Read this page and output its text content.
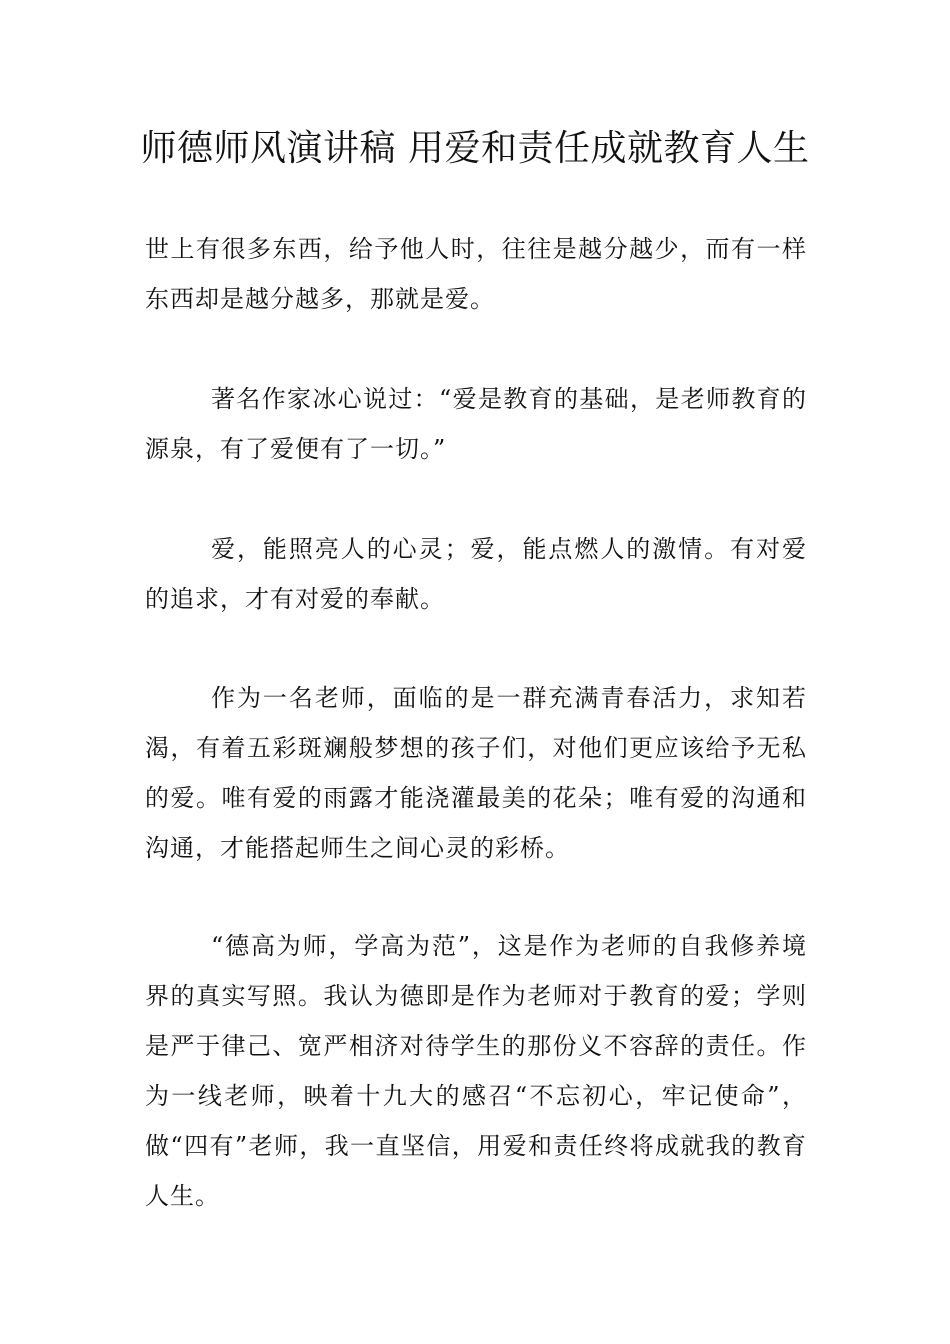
师德师风演讲稿 用爱和责任成就教育人生

世上有很多东西，给予他人时，往往是越分越少，而有一样东西却是越分越多，那就是爱。

著名作家冰心说过：“爱是教育的基础，是老师教育的源泉，有了爱便有了一切。”

爱，能照亮人的心灵；爱，能点燃人的激情。有对爱的追求，才有对爱的奉献。

作为一名老师，面临的是一群充满青春活力，求知若渴，有着五彩斑斓般梦想的孩子们，对他们更应该给予无私的爱。唯有爱的雨露才能浇灌最美的花朵；唯有爱的沟通和沟通，才能搭起师生之间心灵的彩桥。

“德高为师，学高为范”，这是作为老师的自我修养境界的真实写照。我认为德即是作为老师对于教育的爱；学则是严于律己、宽严相济对待学生的那份义不容辞的责任。作为一线老师，映着十九大的感召“不忘初心，牢记使命”，做“四有”老师，我一直坚信，用爱和责任终将成就我的教育人生。
